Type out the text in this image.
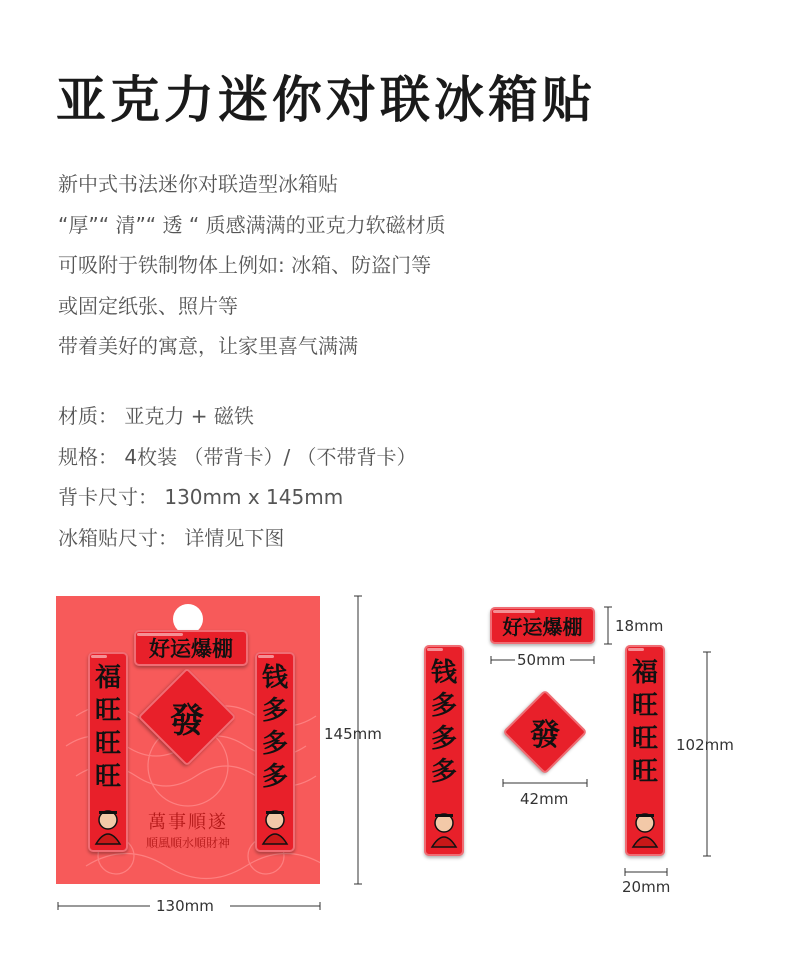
亚克力迷你对联冰箱贴
新中式书法迷你对联造型冰箱贴
“厚”“ 清”“ 透 “ 质感满满的亚克力软磁材质
可吸附于铁制物体上例如: 冰箱、防盗门等
或固定纸张、照片等
带着美好的寓意，让家里喜气满满
材质： 亚克力 + 磁铁
规格： 4枚装 （带背卡）/ （不带背卡）
背卡尺寸： 130mm x 145mm
冰箱贴尺寸： 详情见下图
萬事順遂
順風順水順財神
福
旺
旺
旺
钱
多
多
多
好运爆棚
發
钱
多
多
多
好运爆棚
發
福
旺
旺
旺
145mm
130mm
50mm
18mm
42mm
102mm
20mm
